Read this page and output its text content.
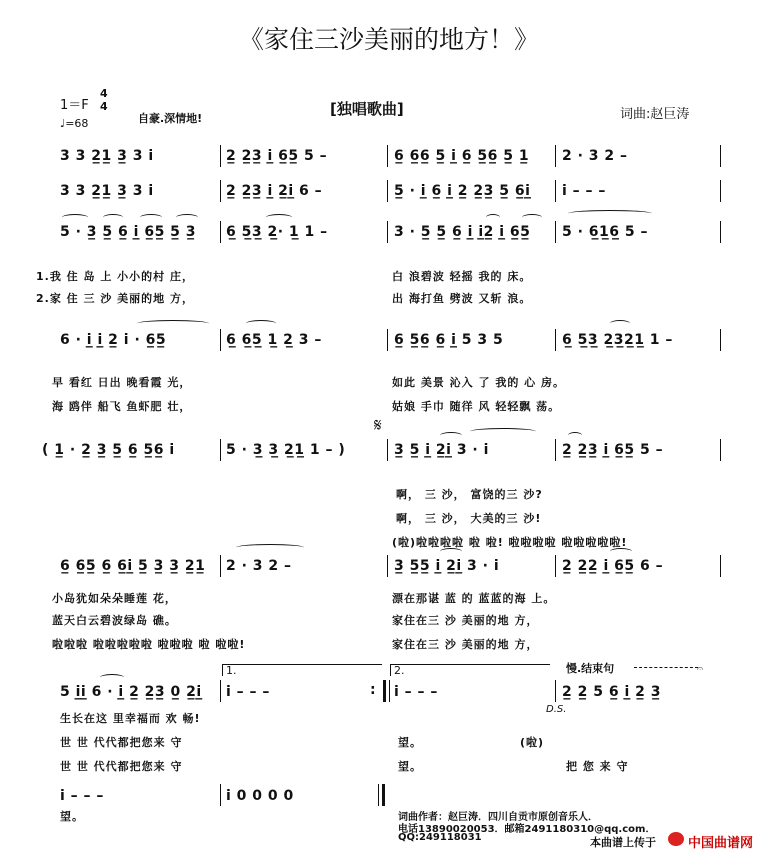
《家住三沙美丽的地方！》
1＝F
4
4
♩=68	自豪.深情地!
[独唱歌曲]	词曲:赵巨涛
3 3 2̲1̲ 3̲ 3 i	2̲ 2̲3̲ i̲ 6̲5̲ 5 –	6̲ 6̲6̲ 5̲ i̲ 6̲ 5̲6̲ 5̲ 1̲ 2 · 3 2 –
3 3 2̲1̲ 3̲ 3 i	2̲ 2̲3̲ i̲ 2̲i̲ 6 –	5̲ · i̲ 6̲ i̲ 2̲ 2̲3̲ 5̲ 6̲i̲ i – – –
5 · 3̲ 5̲ 6̲ i̲ 6̲5̲ 5̲ 3̲ 6̲ 5̲3̲ 2̲· 1̲ 1 –	3 · 5̲ 5̲ 6̲ i̲ i̲2̲ i̲ 6̲5̲ 5 · 6̲1̲6̲ 5 –
1.我 住 岛 上 小小的村 庄，	白 浪碧波 轻摇 我的 床。
2.家 住 三 沙 美丽的地 方，	出 海打鱼 劈波 又斩 浪。
6 · i̲ i̲ 2̲ i · 6̲5̲	6̲ 6̲5̲ 1̲ 2̲ 3 –	6̲ 5̲6̲ 6̲ i̲ 5 3 5	6̲ 5̲3̲ 2̲3̲2̲1̲ 1 –
早 看红 日出 晚看霞 光，	如此 美景 沁入 了 我的 心 房。
海 鸥伴 船飞 鱼虾肥 壮，	姑娘 手巾 随徉 风 轻轻飘 荡。
𝄋
( 1̲ · 2̲ 3̲ 5̲ 6̲ 5̲6̲ i	5 · 3̲ 3̲ 2̲1̲ 1 – )	3̲ 5̲ i̲ 2̲i̲ 3 · i	2̲ 2̲3̲ i̲ 6̲5̲ 5 –
啊， 三 沙， 富饶的三 沙?
啊， 三 沙， 大美的三 沙!
(啦)啦啦啦啦 啦 啦! 啦啦啦啦 啦啦啦啦啦!
6̲ 6̲5̲ 6̲ 6̲i̲ 5̲ 3̲ 3̲ 2̲1̲ 2 · 3 2 –	3̲ 5̲5̲ i̲ 2̲i̲ 3 · i	2̲ 2̲2̲ i̲ 6̲5̲ 6 –
小岛犹如朵朵睡莲 花，	漂在那谌 蓝 的 蓝蓝的海 上。
蓝天白云碧波绿岛 礁。	家住在三 沙 美丽的地 方，
啦啦啦 啦啦啦啦啦 啦啦啦 啦 啦啦!	家住在三 沙 美丽的地 方，
1.	2.	慢.结束句	𝄐
5 i̲i̲ 6 · i̲ 2̲ 2̲3̲ 0̲ 2̲i̲ i – – –	: i – – –	2̲ 2̲ 5 6̲ i̲ 2̲ 3̲
D.S.
生长在这 里幸福而 欢 畅!
世 世 代代都把您来 守	望。	(啦)
世 世 代代都把您来 守	望。	把 您 来 守
i – – –	i 0 0 0 0
望。	词曲作者：赵巨涛．四川自贡市原创音乐人．
电话13890020053．邮箱2491180310@qq.com．
QQ:249118031	本曲谱上传于 中国曲谱网
